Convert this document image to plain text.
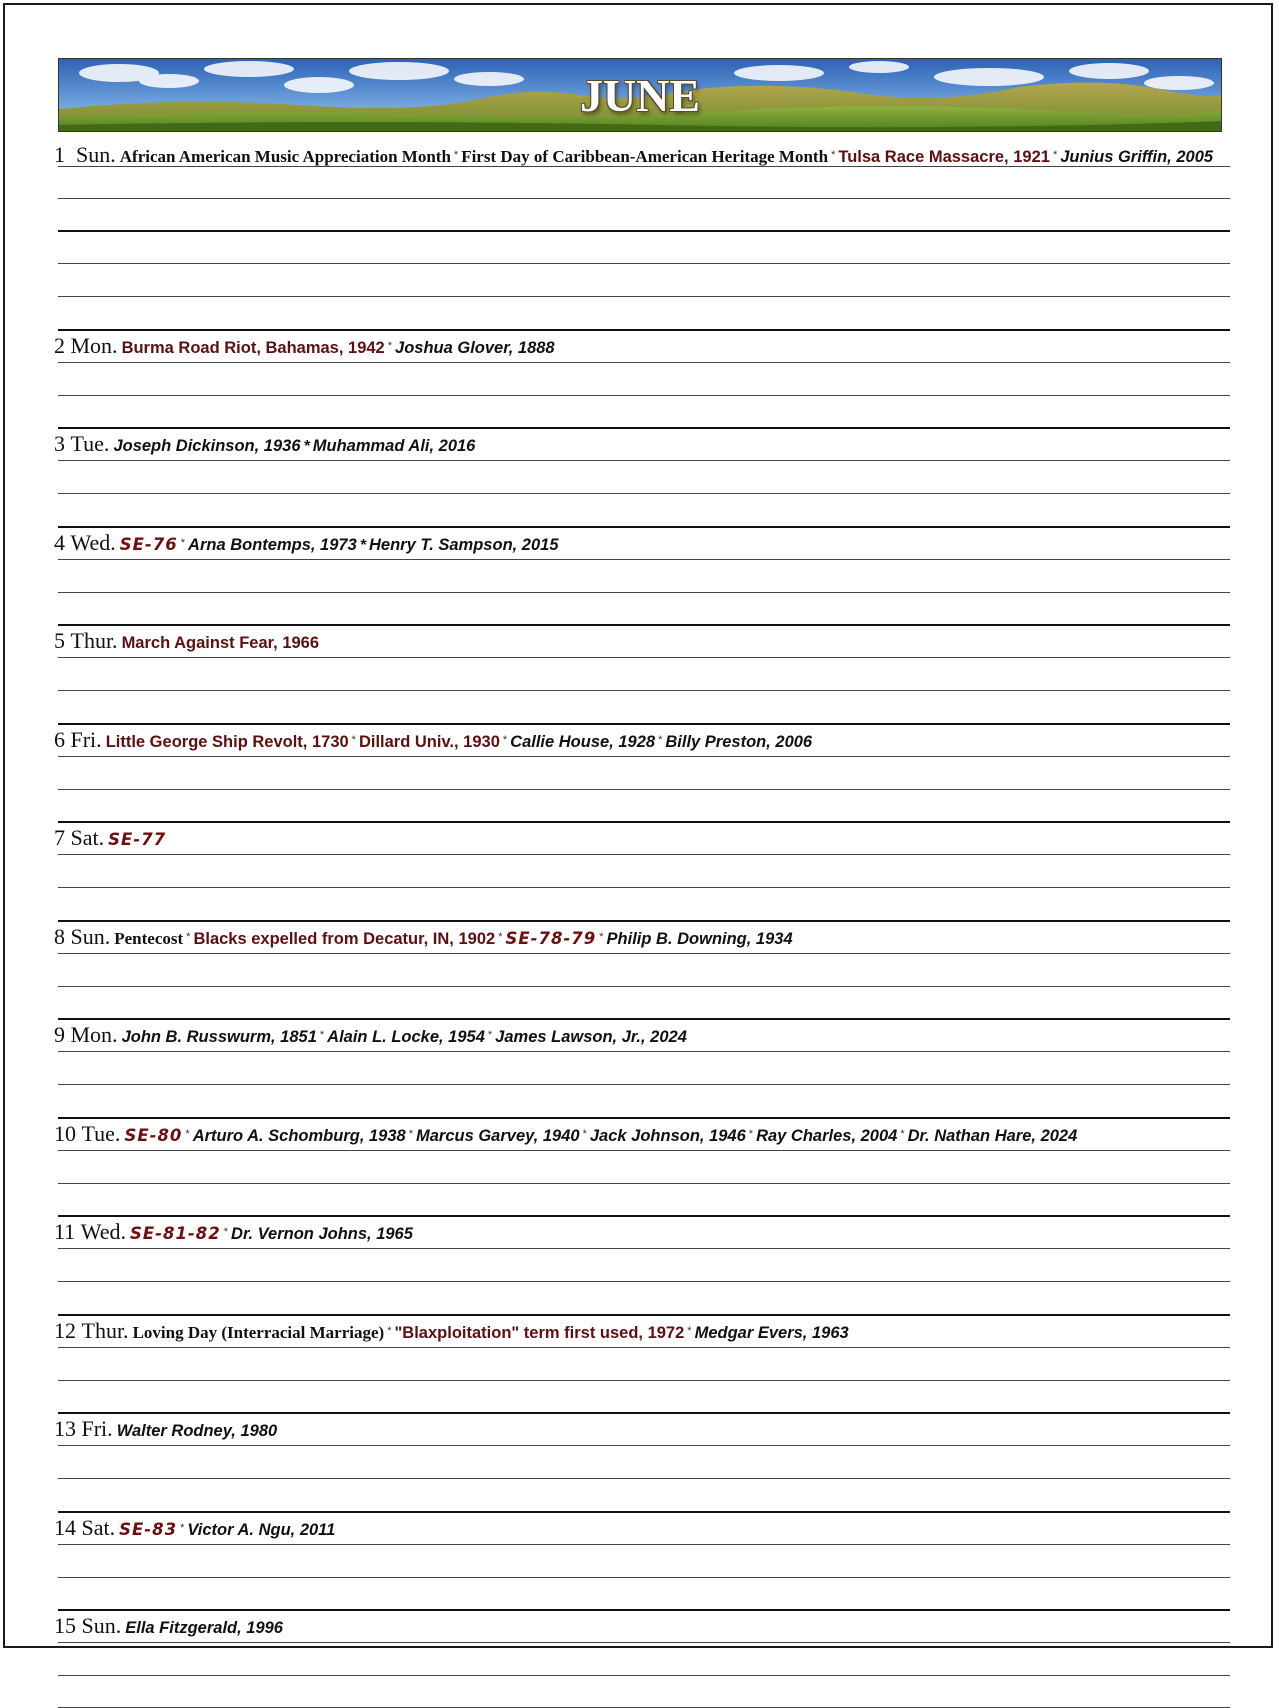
JUNE
1 Sun. African American Music Appreciation Month * First Day of Caribbean-American Heritage Month * Tulsa Race Massacre, 1921 * Junius Griffin, 2005
2 Mon. Burma Road Riot, Bahamas, 1942 * Joshua Glover, 1888
3 Tue. Joseph Dickinson, 1936 * Muhammad Ali, 2016
4 Wed. SE-76 * Arna Bontemps, 1973 * Henry T. Sampson, 2015
5 Thur. March Against Fear, 1966
6 Fri. Little George Ship Revolt, 1730 * Dillard Univ., 1930 * Callie House, 1928 * Billy Preston, 2006
7 Sat. SE-77
8 Sun. Pentecost * Blacks expelled from Decatur, IN, 1902 * SE-78-79 * Philip B. Downing, 1934
9 Mon. John B. Russwurm, 1851 * Alain L. Locke, 1954 * James Lawson, Jr., 2024
10 Tue. SE-80 * Arturo A. Schomburg, 1938 * Marcus Garvey, 1940 * Jack Johnson, 1946 * Ray Charles, 2004 * Dr. Nathan Hare, 2024
11 Wed. SE-81-82 * Dr. Vernon Johns, 1965
12 Thur. Loving Day (Interracial Marriage) * "Blaxploitation" term first used, 1972 * Medgar Evers, 1963
13 Fri. Walter Rodney, 1980
14 Sat. SE-83 * Victor A. Ngu, 2011
15 Sun. Ella Fitzgerald, 1996
